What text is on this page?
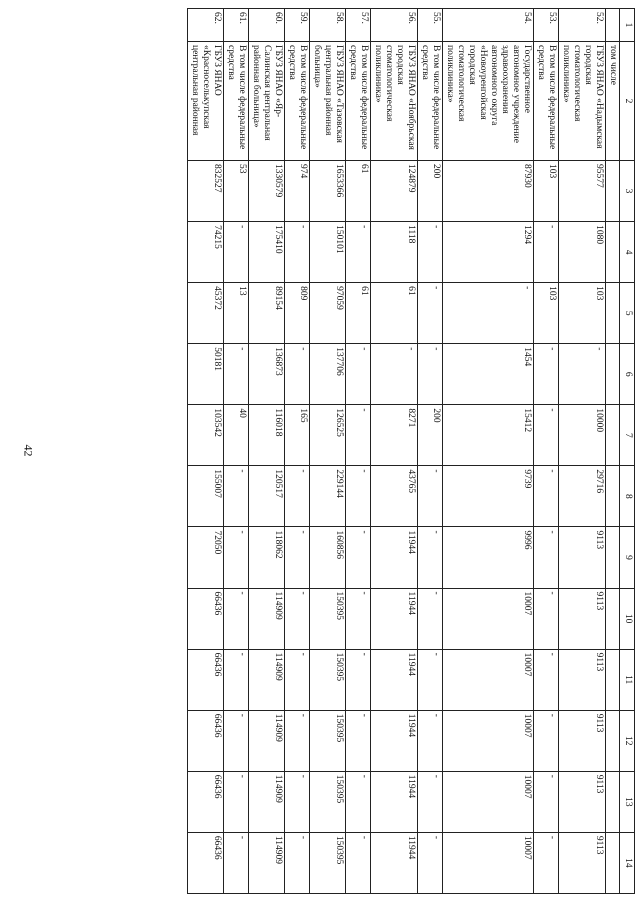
42
1	2	3	4	5	6	7	8	9	10	11	12	13	14
	том числе												
52.	ГБУЗ ЯНАО «Надымская городская стоматологическая поликлиника»	95577	1080	103	-	10000	29716	9113	9113	9113	9113	9113	9113
53.	В том числе федеральные средства	103	-	103	-	-	-	-	-	-	-	-	-
54.	Государственное автономное учреждение здравоохранения автономного округа «Новоуренгойская городская стоматологическая поликлиника»	87930	1294	-	1454	15412	9739	9996	10007	10007	10007	10007	10007
55.	В том числе федеральные средства	200	-	-	-	200	-	-	-	-	-	-	-
56.	ГБУЗ ЯНАО «Ноябрьская городская стоматологическая поликлиника»	124879	1118	61	-	8271	43765	11944	11944	11944	11944	11944	11944
57.	В том числе федеральные средства	61	-	61	-	-	-	-	-	-	-	-	-
58.	ГБУЗ ЯНАО «Тазовская центральная районная больница»	1653366	150101	97059	137706	126525	229144	160856	150395	150395	150395	150395	150395
59.	В том числе федеральные средства	974	-	809	-	165	-	-	-	-	-	-	-
60.	ГБУЗ ЯНАО «Яр-Салинская центральная районная больница»	1330579	175410	89154	136873	116018	120517	118062	114909	114909	114909	114909	114909
61.	В том числе федеральные средства	53	-	13	-	40	-	-	-	-	-	-	-
62.	ГБУЗ ЯНАО «Красноселькупская центральная районная	832527	74215	45372	50181	103542	155007	72050	66436	66436	66436	66436	66436
